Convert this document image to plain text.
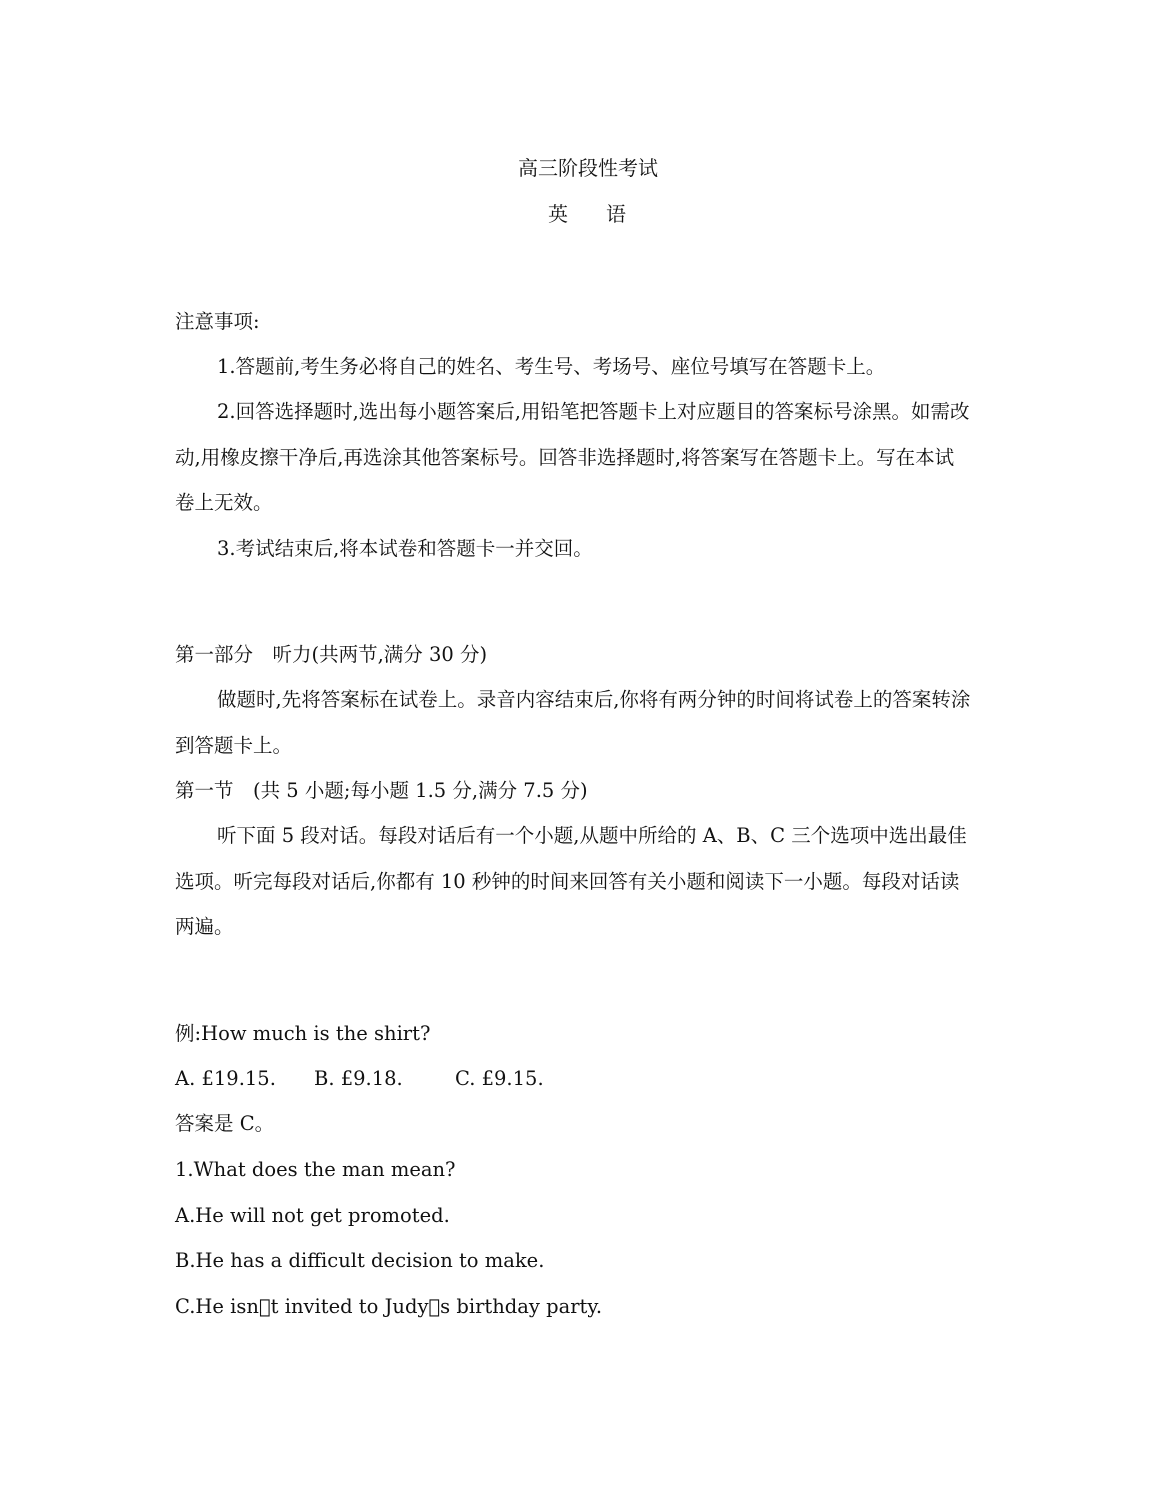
高三阶段性考试
英 语
注意事项:
1.答题前,考生务必将自己的姓名、考生号、考场号、座位号填写在答题卡上。
2.回答选择题时,选出每小题答案后,用铅笔把答题卡上对应题目的答案标号涂黑。如需改
动,用橡皮擦干净后,再选涂其他答案标号。回答非选择题时,将答案写在答题卡上。写在本试
卷上无效。
3.考试结束后,将本试卷和答题卡一并交回。
第一部分　听力(共两节,满分 30 分)
做题时,先将答案标在试卷上。录音内容结束后,你将有两分钟的时间将试卷上的答案转涂
到答题卡上。
第一节　(共 5 小题;每小题 1.5 分,满分 7.5 分)
听下面 5 段对话。每段对话后有一个小题,从题中所给的 A、B、C 三个选项中选出最佳
选项。听完每段对话后,你都有 10 秒钟的时间来回答有关小题和阅读下一小题。每段对话读
两遍。
例:How much is the shirt?
A. £19.15. B. £9.18.	C. £9.15.
答案是 C。
1.What does the man mean?
A.He will not get promoted.
B.He has a difficult decision to make.
C.He isn t invited to Judy s birthday party.
